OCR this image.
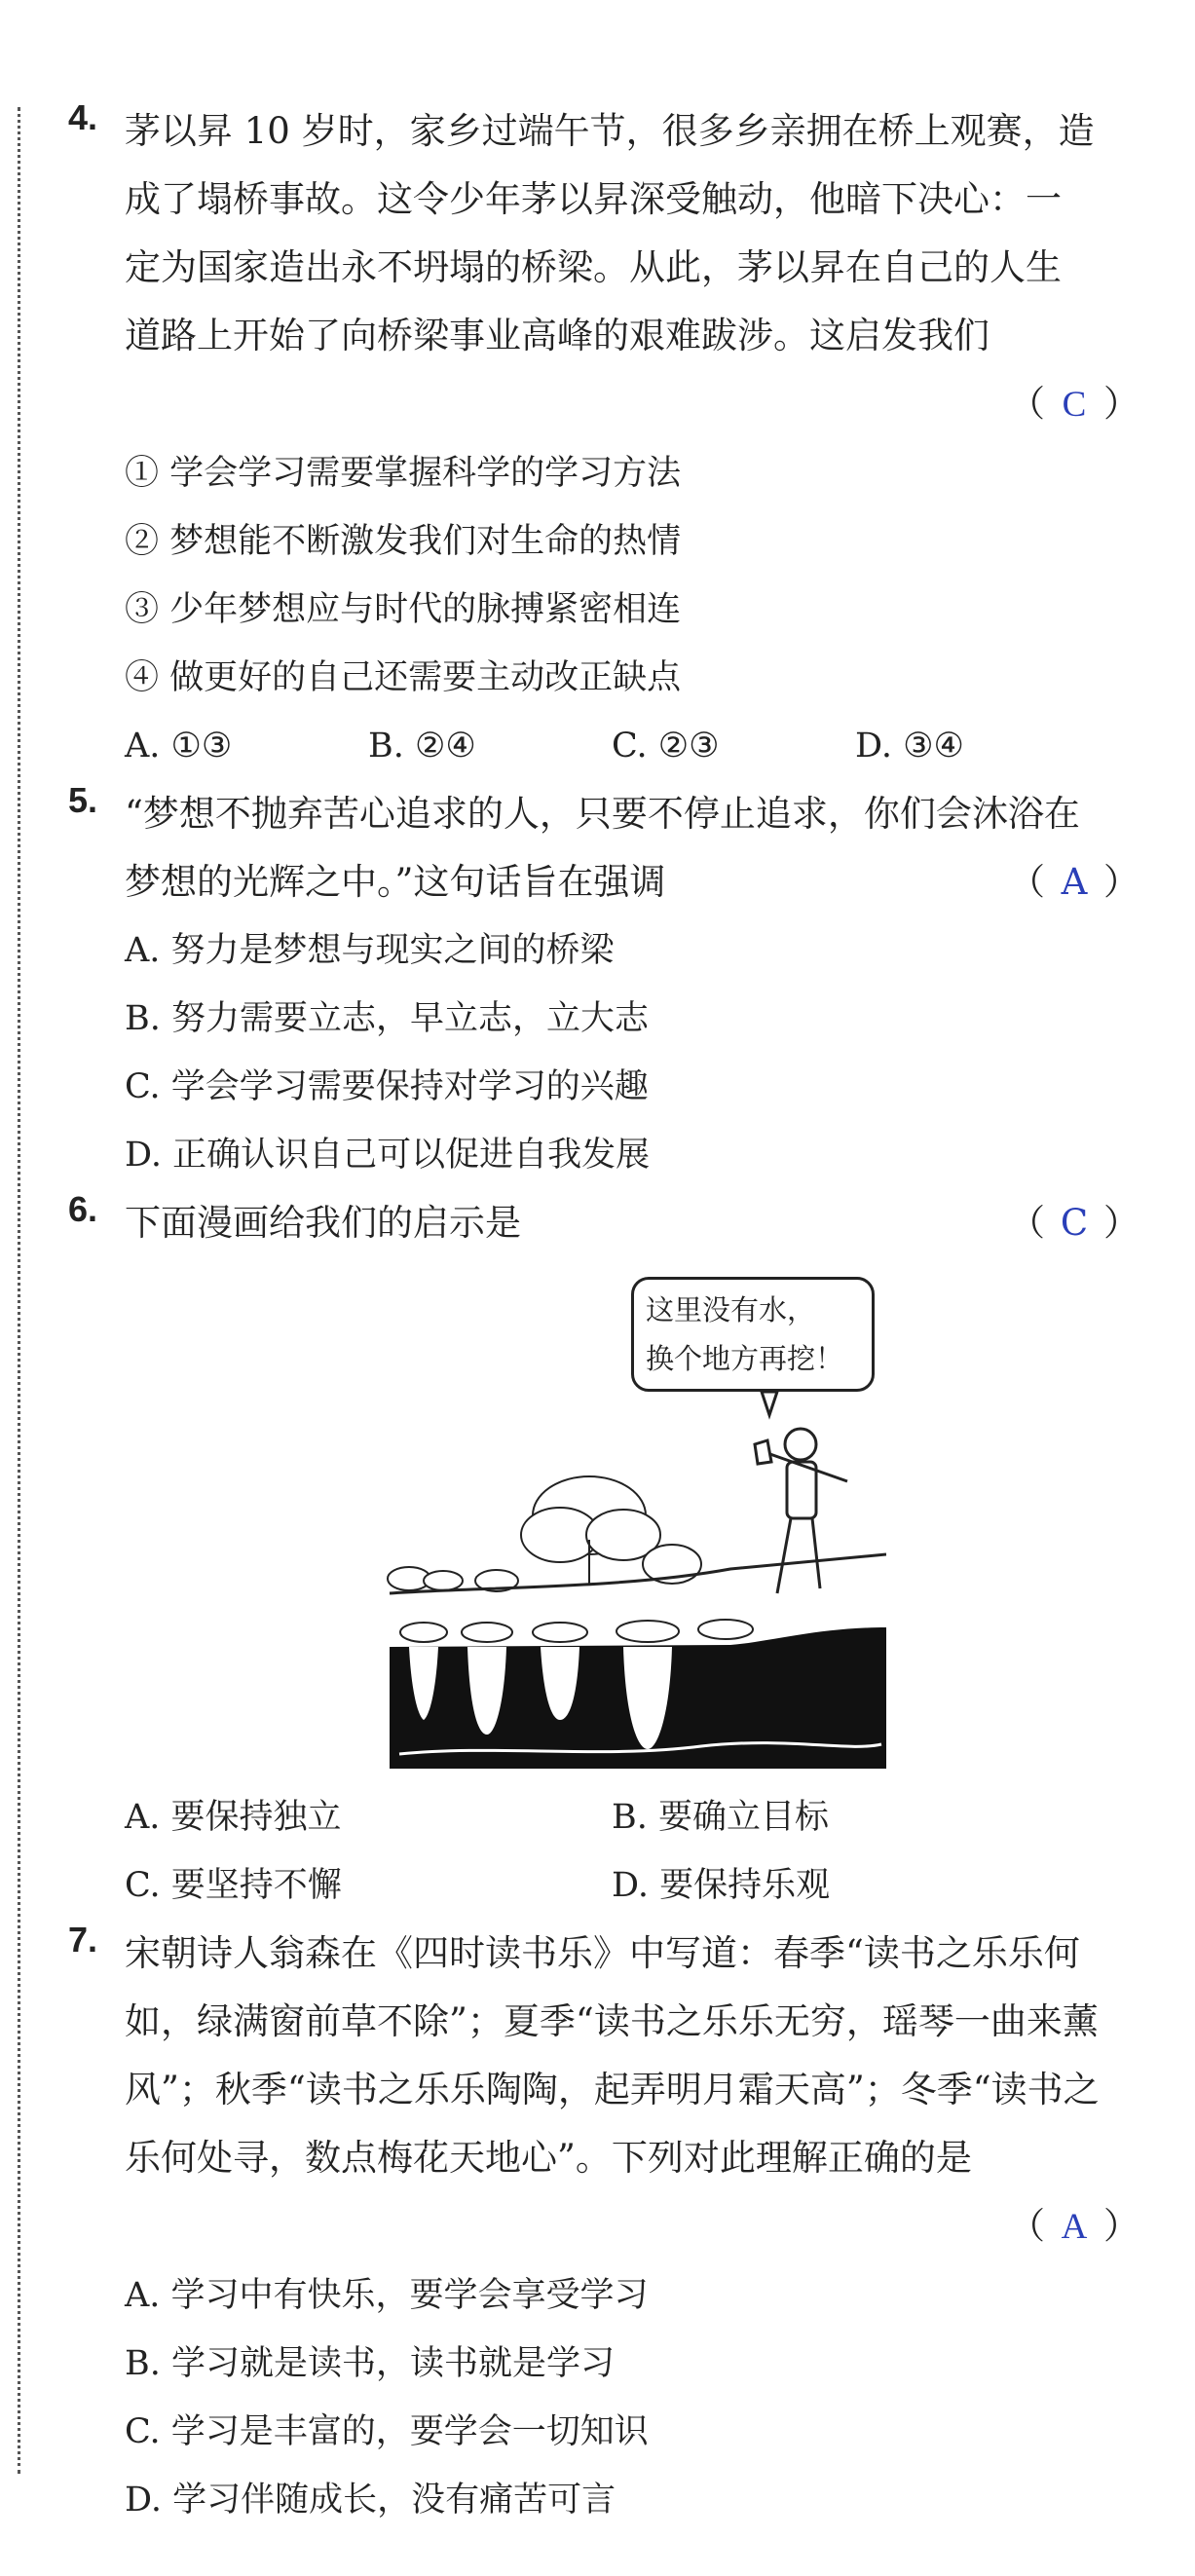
4. 茅以昇 10 岁时，家乡过端午节，很多乡亲拥在桥上观赛，造
成了塌桥事故。这令少年茅以昇深受触动，他暗下决心：一
定为国家造出永不坍塌的桥梁。从此，茅以昇在自己的人生
道路上开始了向桥梁事业高峰的艰难跋涉。这启发我们
（ C ）
① 学会学习需要掌握科学的学习方法
② 梦想能不断激发我们对生命的热情
③ 少年梦想应与时代的脉搏紧密相连
④ 做更好的自己还需要主动改正缺点
A. ①③	B. ②④	C. ②③	D. ③④
5. “梦想不抛弃苦心追求的人，只要不停止追求，你们会沐浴在
梦想的光辉之中。”这句话旨在强调	（ A ）
A. 努力是梦想与现实之间的桥梁
B. 努力需要立志，早立志，立大志
C. 学会学习需要保持对学习的兴趣
D. 正确认识自己可以促进自我发展
6. 下面漫画给我们的启示是	（ C ）
这里没有水，
换个地方再挖！
A. 要保持独立	B. 要确立目标
C. 要坚持不懈	D. 要保持乐观
7. 宋朝诗人翁森在《四时读书乐》中写道：春季“读书之乐乐何
如，绿满窗前草不除”；夏季“读书之乐乐无穷，瑶琴一曲来薰
风”；秋季“读书之乐乐陶陶，起弄明月霜天高”；冬季“读书之
乐何处寻，数点梅花天地心”。下列对此理解正确的是
（ A ）
A. 学习中有快乐，要学会享受学习
B. 学习就是读书，读书就是学习
C. 学习是丰富的，要学会一切知识
D. 学习伴随成长，没有痛苦可言
